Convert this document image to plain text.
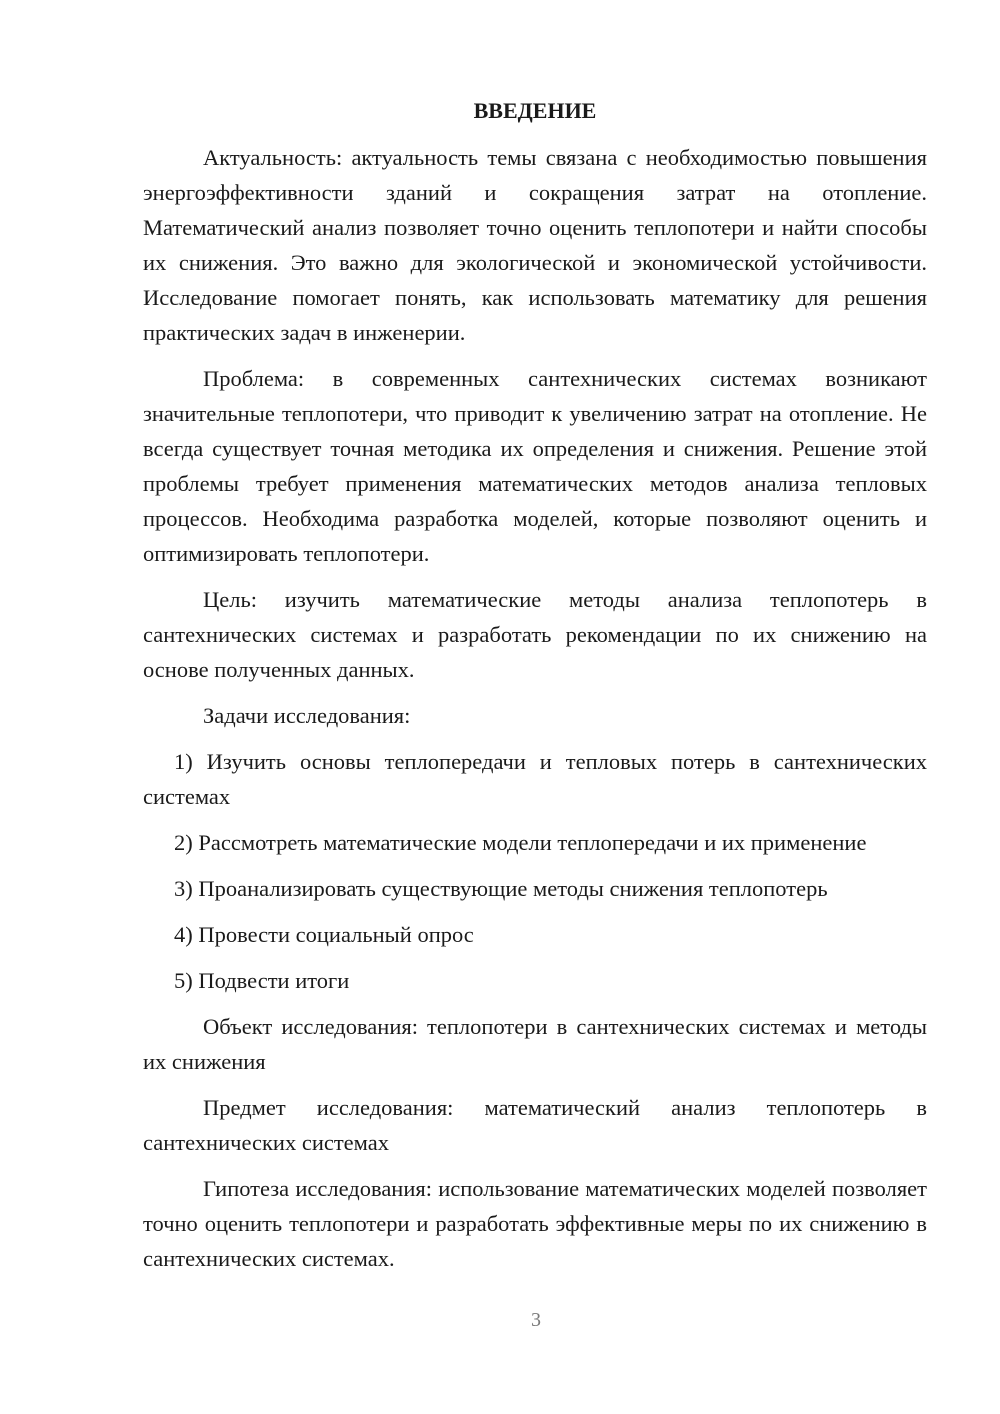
ВВЕДЕНИЕ

Актуальность: актуальность темы связана с необходимостью повышения энергоэффективности зданий и сокращения затрат на отопление. Математический анализ позволяет точно оценить теплопотери и найти способы их снижения. Это важно для экологической и экономической устойчивости. Исследование помогает понять, как использовать математику для решения практических задач в инженерии.

Проблема: в современных сантехнических системах возникают значительные теплопотери, что приводит к увеличению затрат на отопление. Не всегда существует точная методика их определения и снижения. Решение этой проблемы требует применения математических методов анализа тепловых процессов. Необходима разработка моделей, которые позволяют оценить и оптимизировать теплопотери.

Цель: изучить математические методы анализа теплопотерь в сантехнических системах и разработать рекомендации по их снижению на основе полученных данных.

Задачи исследования:

1) Изучить основы теплопередачи и тепловых потерь в сантехнических системах

2) Рассмотреть математические модели теплопередачи и их применение

3) Проанализировать существующие методы снижения теплопотерь

4) Провести социальный опрос

5) Подвести итоги

Объект исследования: теплопотери в сантехнических системах и методы их снижения

Предмет исследования: математический анализ теплопотерь в сантехнических системах

Гипотеза исследования: использование математических моделей позволяет точно оценить теплопотери и разработать эффективные меры по их снижению в сантехнических системах.

3
